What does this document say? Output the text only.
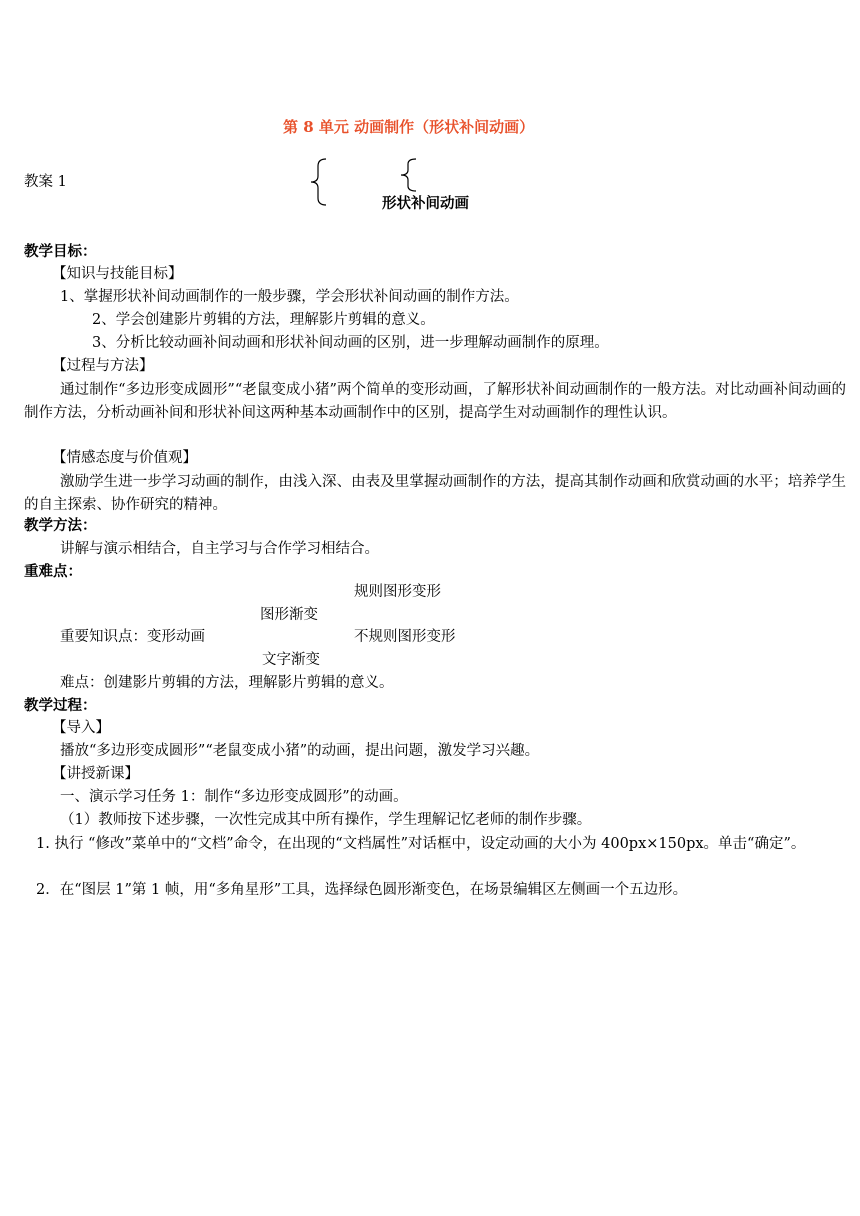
第 8 单元 动画制作（形状补间动画）
教案 1
形状补间动画
教学目标：
【知识与技能目标】
1、掌握形状补间动画制作的一般步骤，学会形状补间动画的制作方法。
2、学会创建影片剪辑的方法，理解影片剪辑的意义。
3、分析比较动画补间动画和形状补间动画的区别，进一步理解动画制作的原理。
【过程与方法】
通过制作“多边形变成圆形”“老鼠变成小猪”两个简单的变形动画，了解形状补间动画制作的一般方法。对比动画补间动画的制作方法，分析动画补间和形状补间这两种基本动画制作中的区别，提高学生对动画制作的理性认识。
【情感态度与价值观】
激励学生进一步学习动画的制作，由浅入深、由表及里掌握动画制作的方法，提高其制作动画和欣赏动画的水平；培养学生的自主探索、协作研究的精神。
教学方法：
讲解与演示相结合，自主学习与合作学习相结合。
重难点：
规则图形变形
图形渐变
重要知识点：变形动画	不规则图形变形
文字渐变
难点：创建影片剪辑的方法，理解影片剪辑的意义。
教学过程：
【导入】
播放“多边形变成圆形”“老鼠变成小猪”的动画，提出问题，激发学习兴趣。
【讲授新课】
一、演示学习任务 1：制作“多边形变成圆形”的动画。
（1）教师按下述步骤，一次性完成其中所有操作，学生理解记忆老师的制作步骤。
1. 执行 “修改”菜单中的“文档”命令，在出现的“文档属性”对话框中，设定动画的大小为 400px×150px。单击“确定”。
2．在“图层 1”第 1 帧，用“多角星形”工具，选择绿色圆形渐变色，在场景编辑区左侧画一个五边形。
